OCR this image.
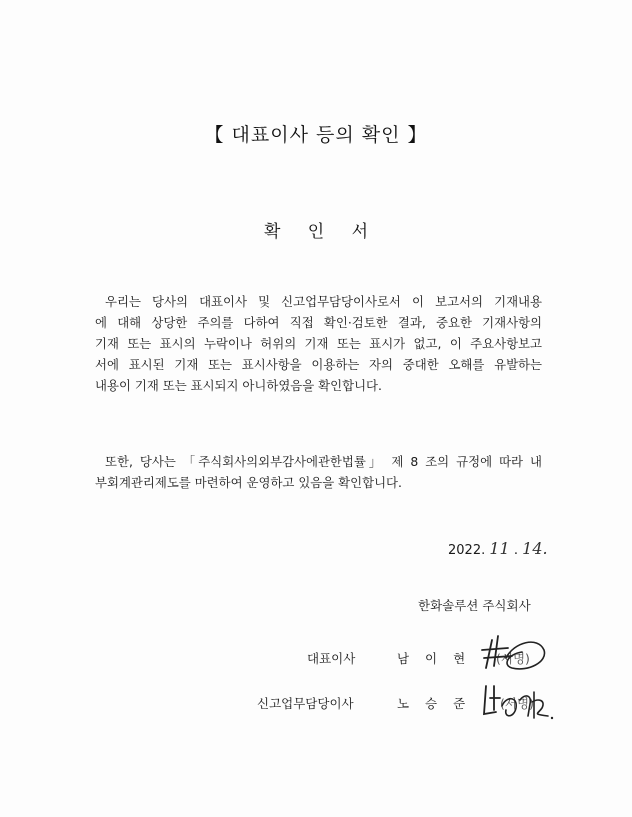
【 대표이사 등의 확인 】
확 인 서
우리는 당사의 대표이사 및 신고업무담당이사로서 이 보고서의 기재내용
에 대해 상당한 주의를 다하여 직접 확인·검토한 결과, 중요한 기재사항의
기재 또는 표시의 누락이나 허위의 기재 또는 표시가 없고, 이 주요사항보고
서에 표시된 기재 또는 표시사항을 이용하는 자의 중대한 오해를 유발하는
내용이 기재 또는 표시되지 아니하였음을 확인합니다.
또한, 당사는 「주식회사의외부감사에관한법률」 제 8 조의 규정에 따라 내
부회계관리제도를 마련하여 운영하고 있음을 확인합니다.
2022. 11 . 14.
한화솔루션 주식회사
대표이사	남 이 현 (서명)
신고업무담당이사	노 승 준 (서명)
